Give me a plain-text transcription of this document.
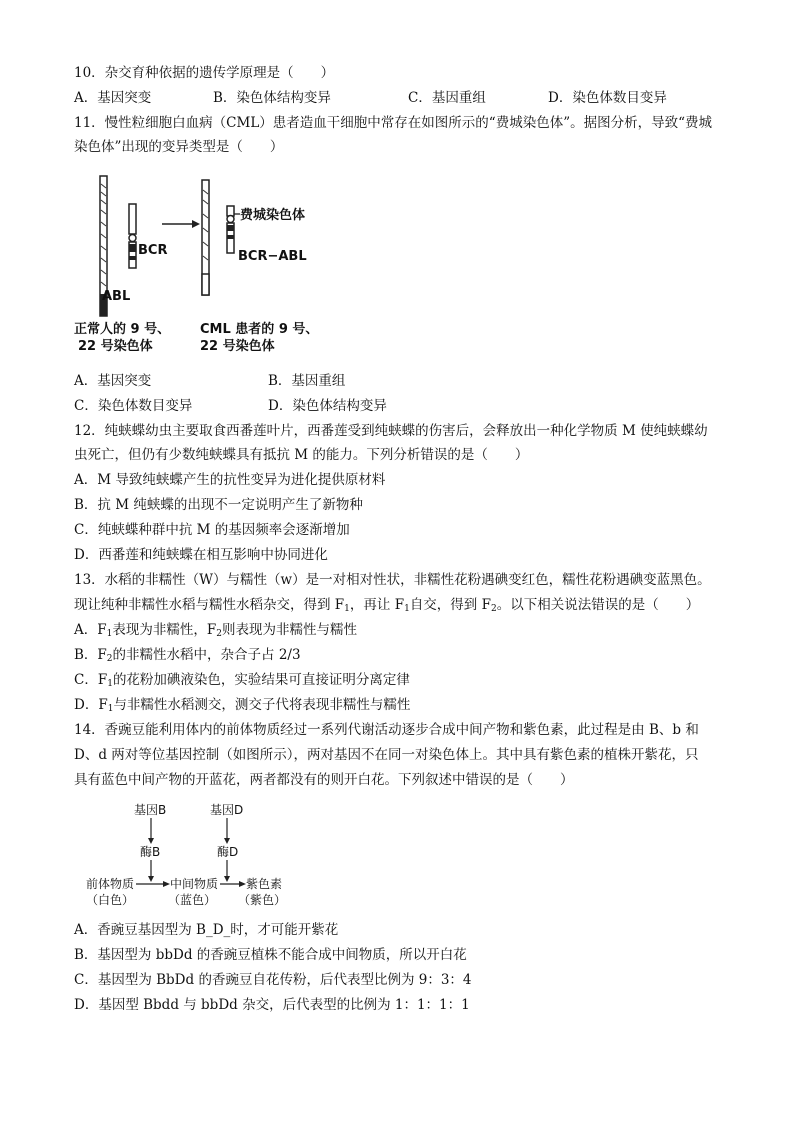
10．杂交育种依据的遗传学原理是（　　）
A．基因突变	B．染色体结构变异	C．基因重组	D．染色体数目变异
11．慢性粒细胞白血病（CML）患者造血干细胞中常存在如图所示的“费城染色体”。据图分析，导致“费城
染色体”出现的变异类型是（　　）
BCR
ABL
费城染色体
BCR−ABL
正常人的 9 号、
22 号染色体
CML 患者的 9 号、
22 号染色体
A．基因突变	B．基因重组
C．染色体数目变异	D．染色体结构变异
12．纯蛱蝶幼虫主要取食西番莲叶片，西番莲受到纯蛱蝶的伤害后，会释放出一种化学物质 M 使纯蛱蝶幼
虫死亡，但仍有少数纯蛱蝶具有抵抗 M 的能力。下列分析错误的是（　　）
A．M 导致纯蛱蝶产生的抗性变异为进化提供原材料
B．抗 M 纯蛱蝶的出现不一定说明产生了新物种
C．纯蛱蝶种群中抗 M 的基因频率会逐渐增加
D．西番莲和纯蛱蝶在相互影响中协同进化
13．水稻的非糯性（W）与糯性（w）是一对相对性状，非糯性花粉遇碘变红色，糯性花粉遇碘变蓝黑色。
现让纯种非糯性水稻与糯性水稻杂交，得到 $F_1$，再让 $F_1$自交，得到 $F_2$。以下相关说法错误的是（　　）
A．$F_1$表现为非糯性，$F_2$则表现为非糯性与糯性
B．$F_2$的非糯性水稻中，杂合子占 2/3
C．$F_1$的花粉加碘液染色，实验结果可直接证明分离定律
D．$F_1$与非糯性水稻测交，测交子代将表现非糯性与糯性
14．香豌豆能利用体内的前体物质经过一系列代谢活动逐步合成中间产物和紫色素，此过程是由 B、b 和
D、d 两对等位基因控制（如图所示），两对基因不在同一对染色体上。其中具有紫色素的植株开紫花，只
具有蓝色中间产物的开蓝花，两者都没有的则开白花。下列叙述中错误的是（　　）
基因B	基因D
酶B	酶D
前体物质	中间物质 紫色素
（白色）	（蓝色） （紫色）
A．香豌豆基因型为 B_D_时，才可能开紫花
B．基因型为 bbDd 的香豌豆植株不能合成中间物质，所以开白花
C．基因型为 BbDd 的香豌豆自花传粉，后代表型比例为 9：3：4
D．基因型 Bbdd 与 bbDd 杂交，后代表型的比例为 1：1：1：1
